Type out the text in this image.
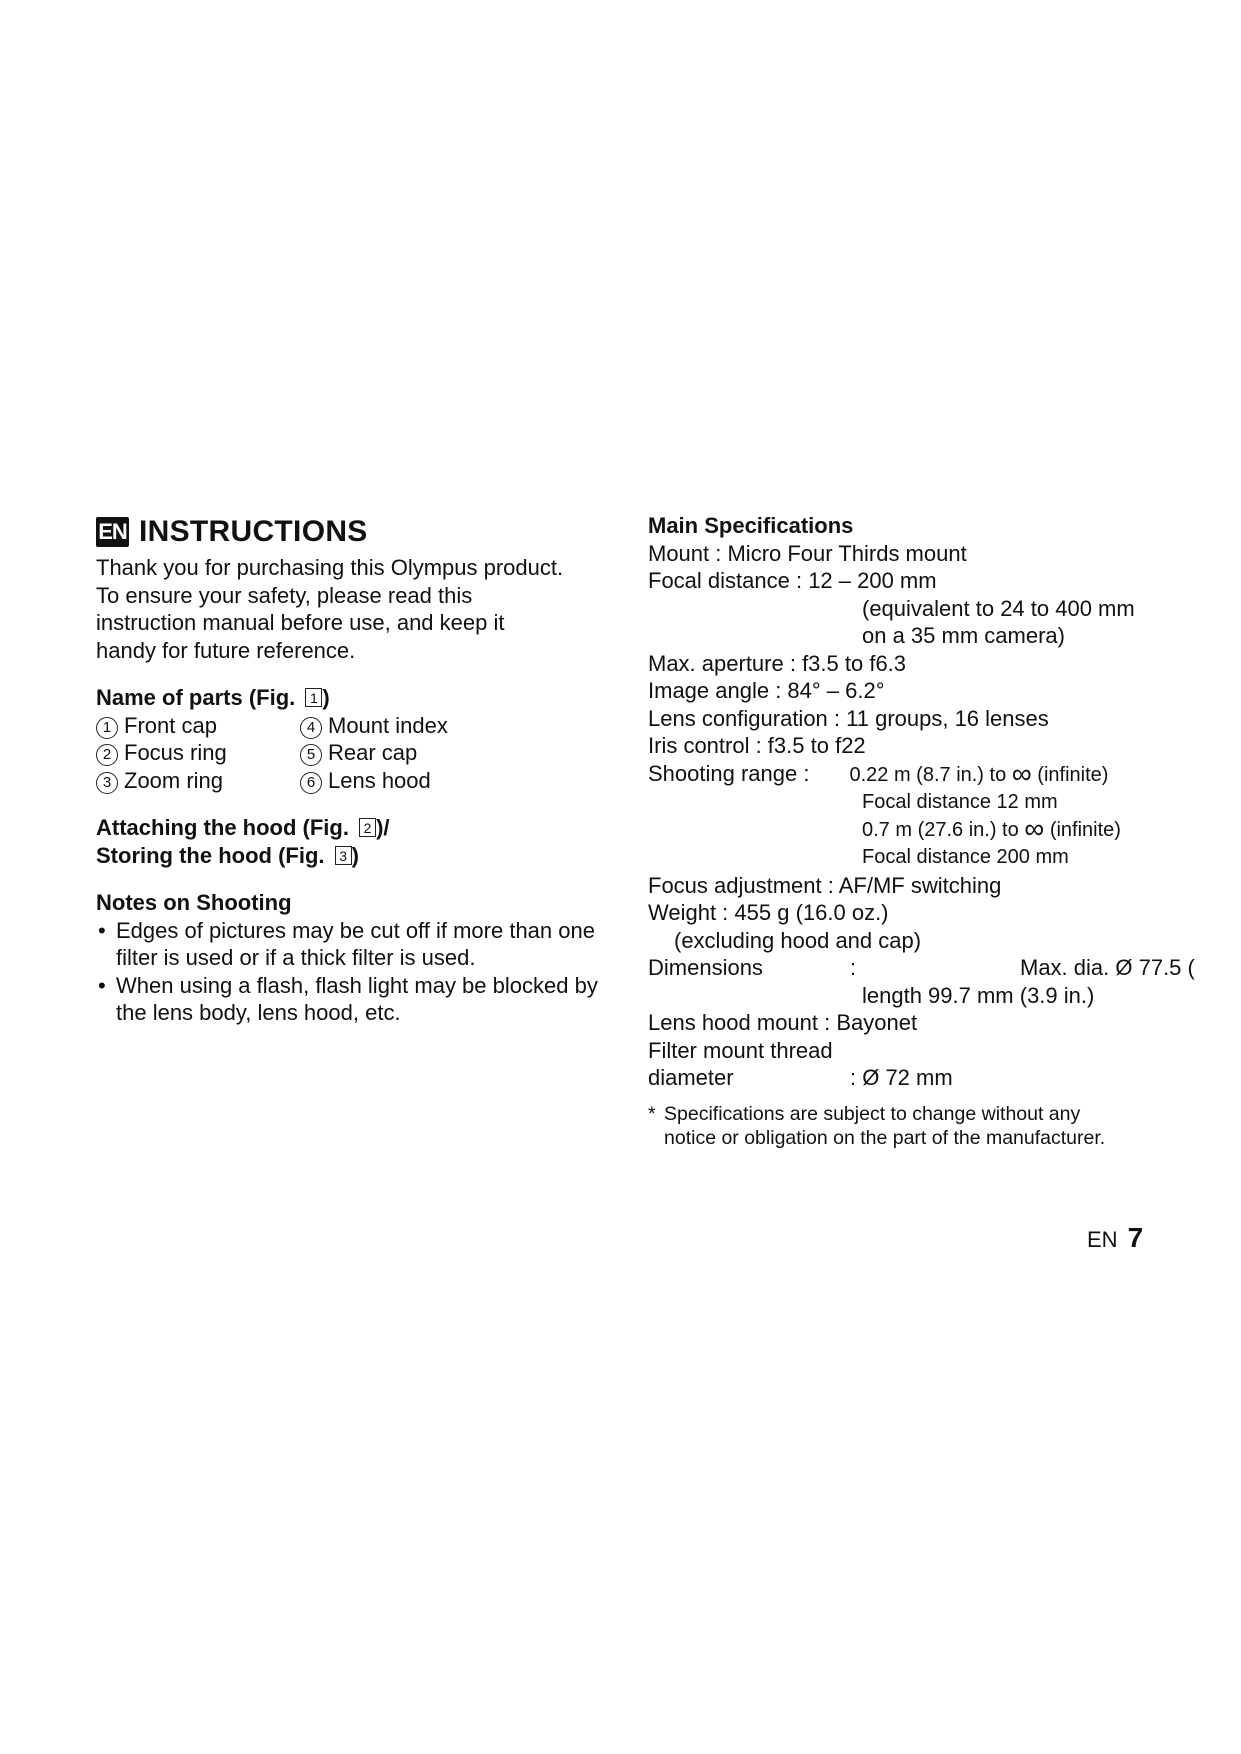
EN INSTRUCTIONS
Thank you for purchasing this Olympus product.
To ensure your safety, please read this
instruction manual before use, and keep it
handy for future reference.
Name of parts (Fig. 1 )
1 Front cap	4 Mount index
2 Focus ring	5 Rear cap
3 Zoom ring	6 Lens hood
Attaching the hood (Fig. 2 )/
Storing the hood (Fig. 3 )
Notes on Shooting
• Edges of pictures may be cut off if more than one filter is used or if a thick filter is used.
• When using a flash, flash light may be blocked by the lens body, lens hood, etc.
Main Specifications
Mount : Micro Four Thirds mount
Focal distance : 12 – 200 mm
(equivalent to 24 to 400 mm
on a 35 mm camera)
Max. aperture : f3.5 to f6.3
Image angle : 84° – 6.2°
Lens configuration : 11 groups, 16 lenses
Iris control : f3.5 to f22
Shooting range : 0.22 m (8.7 in.) to ∞ (infinite)
Focal distance 12 mm
0.7 m (27.6 in.) to ∞ (infinite)
Focal distance 200 mm
Focus adjustment : AF/MF switching
Weight : 455 g (16.0 oz.)
(excluding hood and cap)
Dimensions	:	Max. dia. Ø 77.5 (
length 99.7 mm (3.9 in.)
Lens hood mount : Bayonet
Filter mount thread
diameter	: Ø 72 mm
* Specifications are subject to change without any
notice or obligation on the part of the manufacturer.
EN 7
